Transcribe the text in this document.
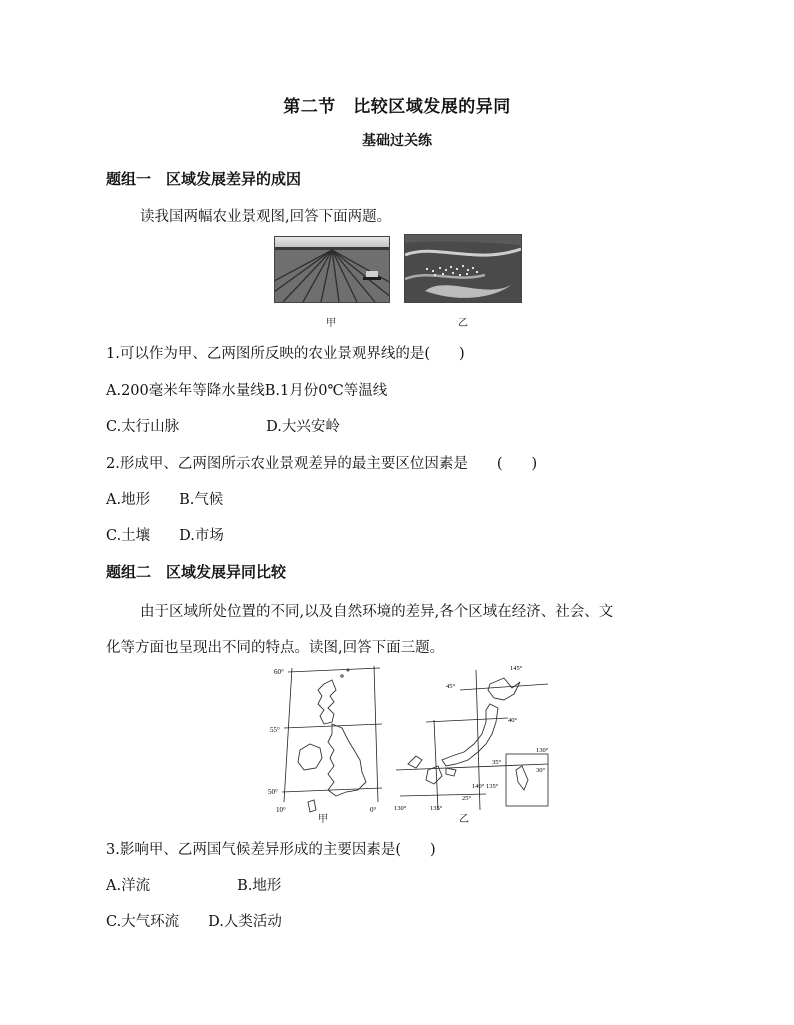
第二节　比较区域发展的异同
基础过关练
题组一　区域发展差异的成因
读我国两幅农业景观图,回答下面两题。
甲	乙
1.可以作为甲、乙两图所反映的农业景观界线的是(　　)
A.200毫米年等降水量线B.1月份0℃等温线
C.太行山脉　　　　　　D.大兴安岭
2.形成甲、乙两图所示农业景观差异的最主要区位因素是　　(　　)
A.地形　　B.气候
C.土壤　　D.市场
题组二　区域发展异同比较
由于区域所处位置的不同,以及自然环境的差异,各个区域在经济、社会、文
化等方面也呈现出不同的特点。读图,回答下面三题。
60°
55°
50°
10°	0°
甲
145°
45°
40°
130°
35°
30°
140° 135°
25°
130°	135°
乙
3.影响甲、乙两国气候差异形成的主要因素是(　　)
A.洋流　　　　　　B.地形
C.大气环流　　D.人类活动
